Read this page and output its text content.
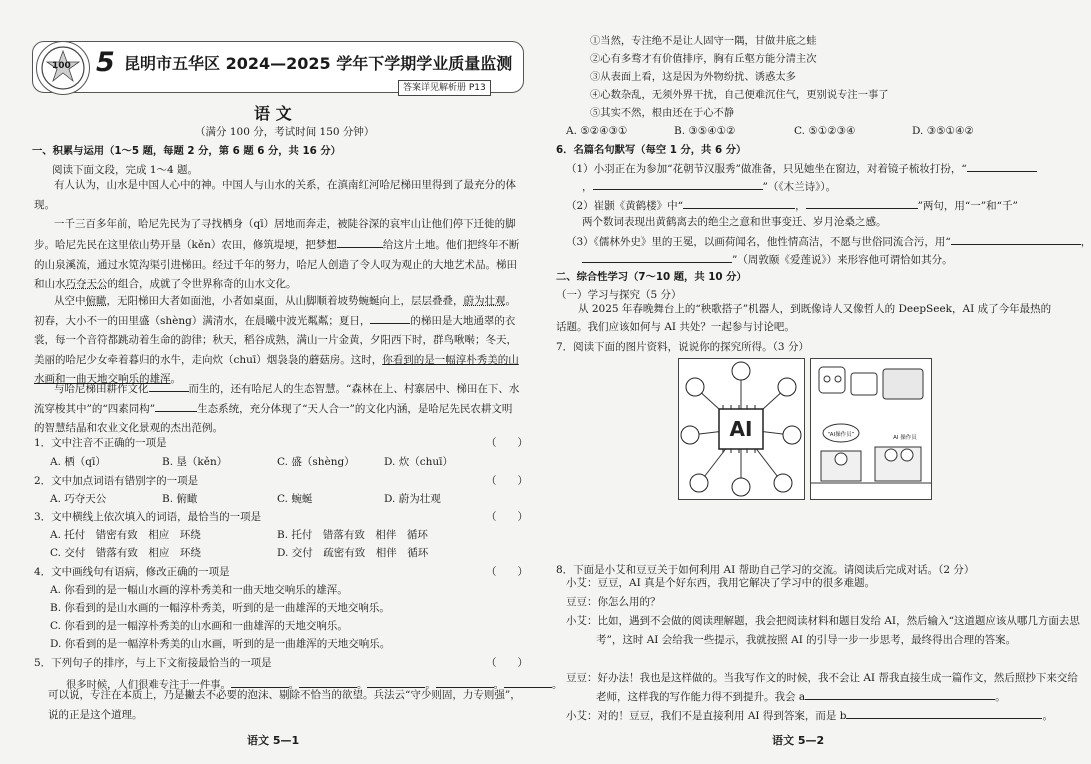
100 5 昆明市五华区 2024—2025 学年下学期学业质量监测
答案详见解析册 P13
语 文
（满分 100 分，考试时间 150 分钟）
一、积累与运用（1～5 题，每题 2 分，第 6 题 6 分，共 16 分）
阅读下面文段，完成 1～4 题。
有人认为，山水是中国人心中的神。中国人与山水的关系，在滇南红河哈尼梯田里得到了最充分的体现。
一千三百多年前，哈尼先民为了寻找栖身（qī）居地而奔走，被陡谷深的哀牢山让他们停下迁徙的脚步。哈尼先民在这里依山势开垦（kěn）农田，修筑堤埂，把梦想	给这片土地。他们把终年不断的山泉溪流，通过水笕沟渠引进梯田。经过千年的努力，哈尼人创造了令人叹为观止的大地艺术品。梯田和山水巧夺天公的组合，成就了令世界称奇的山水文化。
从空中俯瞰，无阳梯田大者如面池，小者如桌面，从山脚顺着坡势蜿蜒向上，层层叠叠，蔚为壮观。初春，大小不一的田里盛（shèng）满清水，在晨曦中波光粼粼；夏日，	的梯田是大地通翠的衣裳，每一个音符都跳动着生命的韵律；秋天，稻谷成熟，满山一片金黄，夕阳西下时，群鸟啾啭；冬天，美丽的哈尼少女牵着暮归的水牛，走向炊（chuī）烟袅袅的蘑菇房。这时，你看到的是一幅淳朴秀美的山水画和一曲天地交响乐的雄浑。
与哈尼梯田耕作文化	而生的，还有哈尼人的生态智慧。“森林在上、村寨居中、梯田在下、水流穿梭其中”的“四素同构”	生态系统，充分体现了“天人合一”的文化内涵，是哈尼先民农耕文明的智慧结晶和农业文化景观的杰出范例。
1．文中注音不正确的一项是	（　　）
A. 栖（qī）	B. 垦（kěn）	C. 盛（shèng）	D. 炊（chuī）
2．文中加点词语有错别字的一项是	（　　）
A. 巧夺天公	B. 俯瞰	C. 蜿蜒	D. 蔚为壮观
3．文中横线上依次填入的词语，最恰当的一项是	（　　）
A. 托付　错密有致　相应　环绕	B. 托付　错落有致　相伴　循环
C. 交付　错落有致　相应　环绕	D. 交付　疏密有致　相伴　循环
4．文中画线句有语病，修改正确的一项是	（　　）
A. 你看到的是一幅山水画的淳朴秀美和一曲天地交响乐的雄浑。
B. 你看到的是山水画的一幅淳朴秀美，听到的是一曲雄浑的天地交响乐。
C. 你看到的是一幅淳朴秀美的山水画和一曲雄浑的天地交响乐。
D. 你看到的是一幅淳朴秀美的山水画，听到的是一曲雄浑的天地交响乐。
5．下列句子的排序，与上下文衔接最恰当的一项是	（　　）
很多时候，人们很难专注于一件事。	。	。	。	。	。
可以说，专注在本质上，乃是撇去不必要的泡沫、剔除不恰当的欲望。兵法云“守少则固，力专则强”，说的正是这个道理。
语文 5—1
①当然，专注绝不是让人固守一隅，甘做井底之蛙
②心有多骛才有价值排序，胸有丘壑方能分清主次
③从表面上看，这是因为外物纷扰、诱惑太多
④心数杂乱，无须外界干扰，自己便难沉住气，更别说专注一事了
⑤其实不然，根由还在于心不静
A. ⑤②④③①	B. ③⑤④①②	C. ⑤①②③④	D. ③⑤①④②
6．名篇名句默写（每空 1 分，共 6 分）
（1）小羽正在为参加“花朝节汉服秀”做准备，只见她坐在窗边，对着镜子梳妆打扮，“
，	”（《木兰诗》）。
（2）崔颢《黄鹤楼》中“	，	”两句，用“一”和“千”
两个数词表现出黄鹤离去的绝尘之意和世事变迁、岁月沧桑之感。
（3）《儒林外史》里的王冕，以画荷闻名，他性情高洁，不愿与世俗同流合污，用“	，
”（周敦颐《爱莲说》）来形容他可谓恰如其分。
二、综合性学习（7～10 题，共 10 分）
（一）学习与探究（5 分）
从 2025 年春晚舞台上的“秧歌搭子”机器人，到既像诗人又像哲人的 DeepSeek，AI 成了今年最热的话题。我们应该如何与 AI 共处？一起参与讨论吧。
7．阅读下面的图片资料，说说你的探究所得。（3 分）
AI	“AI操作员”	AI 操作员
8．下面是小艾和豆豆关于如何利用 AI 帮助自己学习的交流。请阅读后完成对话。（2 分）
小艾：豆豆，AI 真是个好东西，我用它解决了学习中的很多难题。
豆豆：你怎么用的？
小艾：比如，遇到不会做的阅读理解题，我会把阅读材料和题目发给 AI，然后输入“这道题应该从哪几方面去思考”，这时 AI 会给我一些提示，我就按照 AI 的引导一步一步思考，最终得出合理的答案。
豆豆：好办法！我也是这样做的。当我写作文的时候，我不会让 AI 帮我直接生成一篇作文，然后照抄下来交给老师，这样我的写作能力得不到提升。我会 a	。
小艾：对的！豆豆，我们不是直接利用 AI 得到答案，而是 b	。
语文 5—2
